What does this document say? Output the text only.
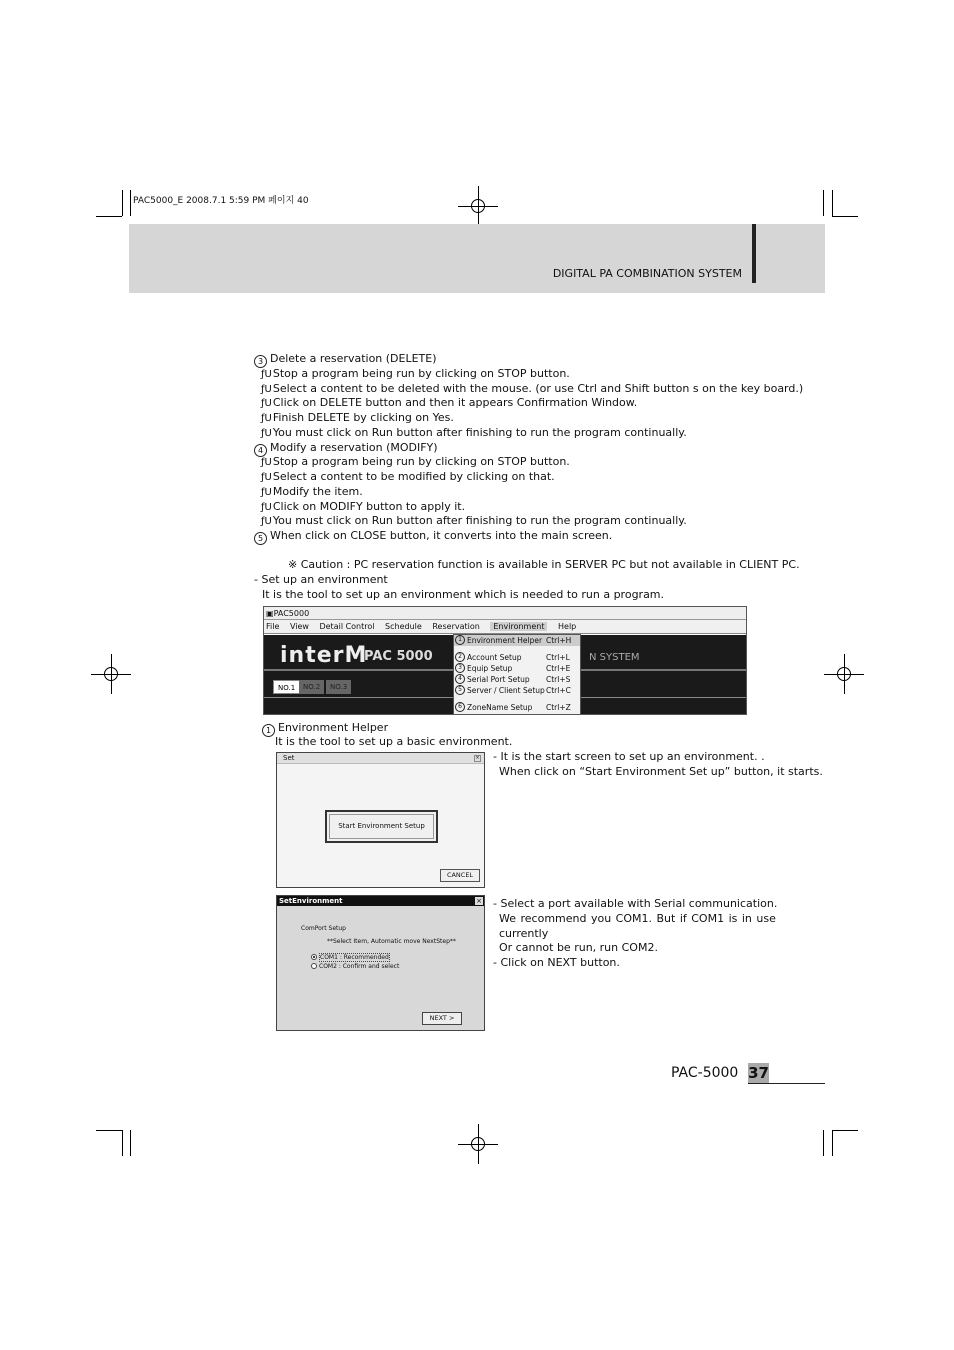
PAC5000_E 2008.7.1 5:59 PM 페이지 40
DIGITAL PA COMBINATION SYSTEM
3 Delete a reservation (DELETE)
ƒUStop a program being run by clicking on STOP button.
ƒUSelect a content to be deleted with the mouse. (or use Ctrl and Shift button s on the key board.)
ƒUClick on DELETE button and then it appears Confirmation Window.
ƒUFinish DELETE by clicking on Yes.
ƒUYou must click on Run button after finishing to run the program continually.
4 Modify a reservation (MODIFY)
ƒUStop a program being run by clicking on STOP button.
ƒUSelect a content to be modified by clicking on that.
ƒUModify the item.
ƒUClick on MODIFY button to apply it.
ƒUYou must click on Run button after finishing to run the program continually.
5 When click on CLOSE button, it converts into the main screen.
※ Caution : PC reservation function is available in SERVER PC but not available in CLIENT PC.
- Set up an environment
It is the tool to set up an environment which is needed to run a program.
▣PAC5000
File View Detail Control Schedule Reservation Environment Help
interM
PAC 5000	N SYSTEM
NO.1	NO.2	NO.3
1 Environment Helper Ctrl+H
2 Account Setup	Ctrl+L
3 Equip Setup	Ctrl+E
4 Serial Port Setup Ctrl+S
5 Server / Client Setup Ctrl+C
6 ZoneName Setup Ctrl+Z
1 Environment Helper
It is the tool to set up a basic environment.
Set	×
Start Environment Setup
CANCEL
- It is the start screen to set up an environment. .
When click on “Start Environment Set up” button, it starts.
SetEnvironment	×
ComPort Setup
**Select Item, Automatic move NextStep**
COM1 : Recommended
COM2 : Confirm and select
NEXT >
- Select a port available with Serial communication.
We recommend you COM1. But if COM1 is in use
currently
Or cannot be run, run COM2.
- Click on NEXT button.
PAC-5000 37
